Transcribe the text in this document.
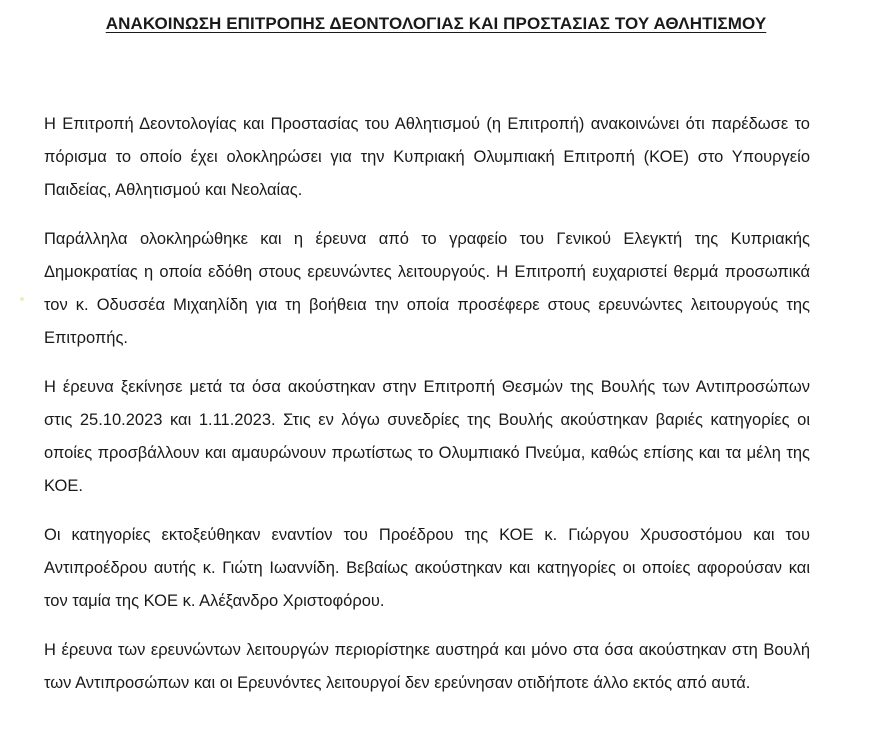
ΑΝΑΚΟΙΝΩΣΗ ΕΠΙΤΡΟΠΗΣ ΔΕΟΝΤΟΛΟΓΙΑΣ ΚΑΙ ΠΡΟΣΤΑΣΙΑΣ ΤΟΥ ΑΘΛΗΤΙΣΜΟΥ

Η Επιτροπή Δεοντολογίας και Προστασίας του Αθλητισμού (η Επιτροπή) ανακοινώνει ότι παρέδωσε το πόρισμα το οποίο έχει ολοκληρώσει για την Κυπριακή Ολυμπιακή Επιτροπή (ΚΟΕ) στο Υπουργείο Παιδείας, Αθλητισμού και Νεολαίας.

Παράλληλα ολοκληρώθηκε και η έρευνα από το γραφείο του Γενικού Ελεγκτή της Κυπριακής Δημοκρατίας η οποία εδόθη στους ερευνώντες λειτουργούς. Η Επιτροπή ευχαριστεί θερμά προσωπικά τον κ. Οδυσσέα Μιχαηλίδη για τη βοήθεια την οποία προσέφερε στους ερευνώντες λειτουργούς της Επιτροπής.

Η έρευνα ξεκίνησε μετά τα όσα ακούστηκαν στην Επιτροπή Θεσμών της Βουλής των Αντιπροσώπων στις 25.10.2023 και 1.11.2023. Στις εν λόγω συνεδρίες της Βουλής ακούστηκαν βαριές κατηγορίες οι οποίες προσβάλλουν και αμαυρώνουν πρωτίστως το Ολυμπιακό Πνεύμα, καθώς επίσης και τα μέλη της ΚΟΕ.

Οι κατηγορίες εκτοξεύθηκαν εναντίον του Προέδρου της ΚΟΕ κ. Γιώργου Χρυσοστόμου και του Αντιπροέδρου αυτής κ. Γιώτη Ιωαννίδη. Βεβαίως ακούστηκαν και κατηγορίες οι οποίες αφορούσαν και τον ταμία της ΚΟΕ κ. Αλέξανδρο Χριστοφόρου.

Η έρευνα των ερευνώντων λειτουργών περιορίστηκε αυστηρά και μόνο στα όσα ακούστηκαν στη Βουλή των Αντιπροσώπων και οι Ερευνόντες λειτουργοί δεν ερεύνησαν οτιδήποτε άλλο εκτός από αυτά.
